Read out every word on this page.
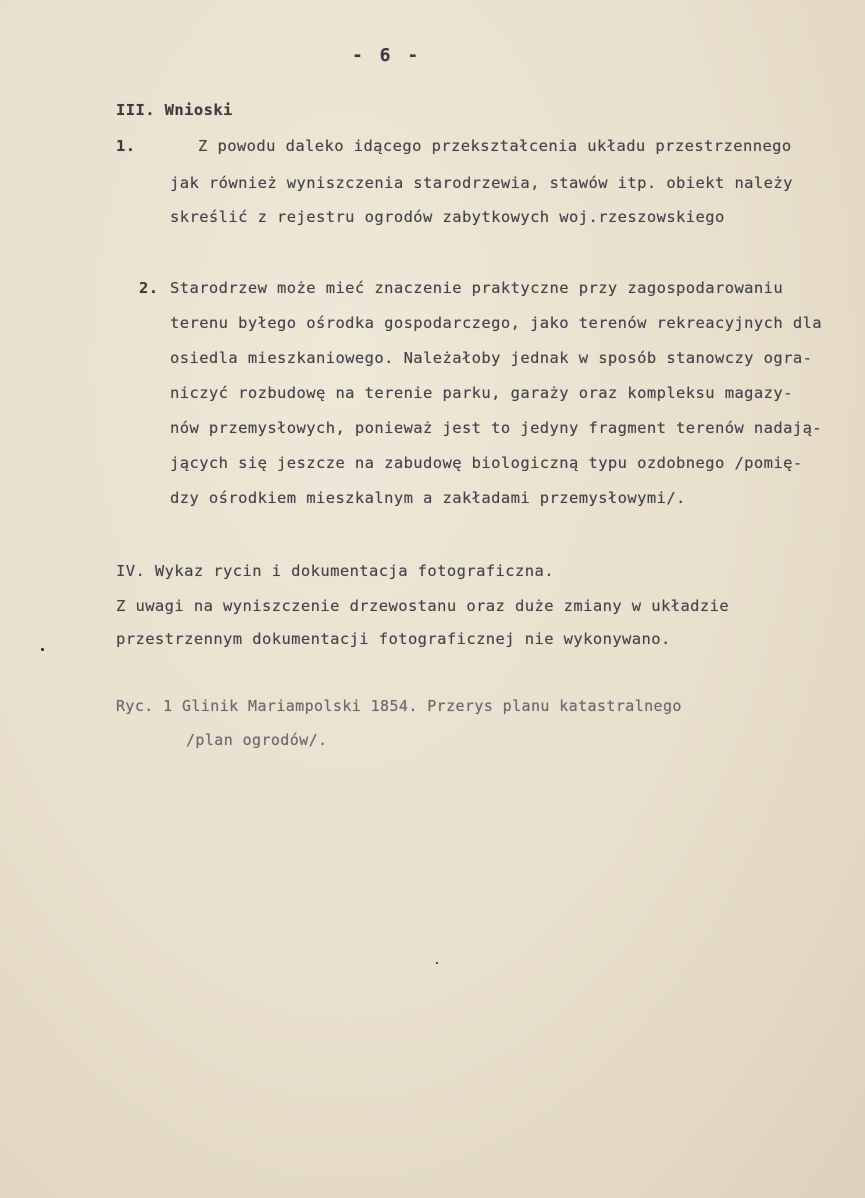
- 6 -
III. Wnioski
1.	Z powodu daleko idącego przekształcenia układu przestrzennego
jak również wyniszczenia starodrzewia, stawów itp. obiekt należy
skreślić z rejestru ogrodów zabytkowych woj.rzeszowskiego
2. Starodrzew może mieć znaczenie praktyczne przy zagospodarowaniu
terenu byłego ośrodka gospodarczego, jako terenów rekreacyjnych dla
osiedla mieszkaniowego. Należałoby jednak w sposób stanowczy ogra-
niczyć rozbudowę na terenie parku, garaży oraz kompleksu magazy-
nów przemysłowych, ponieważ jest to jedyny fragment terenów nadają-
jących się jeszcze na zabudowę biologiczną typu ozdobnego /pomię-
dzy ośrodkiem mieszkalnym a zakładami przemysłowymi/.
IV. Wykaz rycin i dokumentacja fotograficzna.
Z uwagi na wyniszczenie drzewostanu oraz duże zmiany w układzie
przestrzennym dokumentacji fotograficznej nie wykonywano.
Ryc. 1 Glinik Mariampolski 1854. Przerys planu katastralnego
/plan ogrodów/.
